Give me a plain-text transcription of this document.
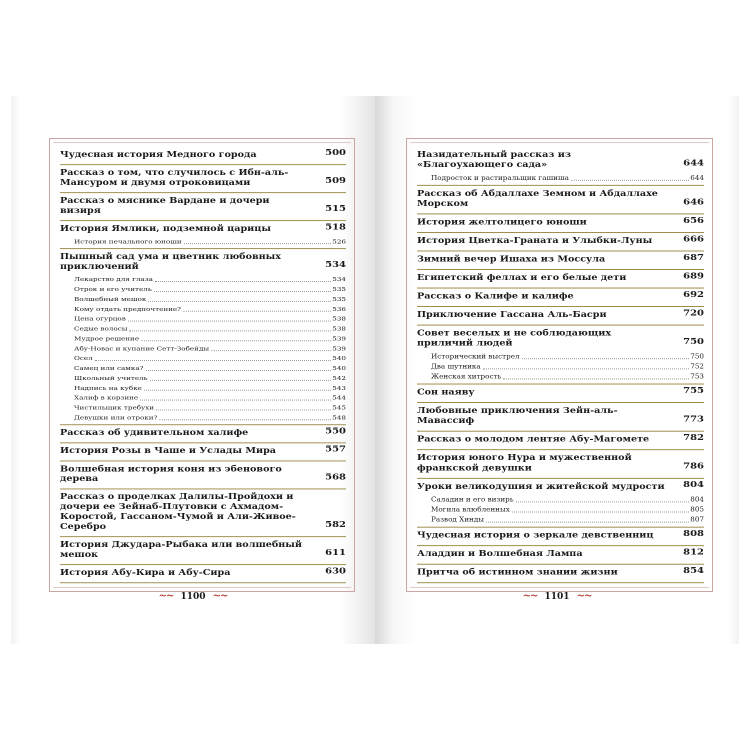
Чудесная история Медного города	500
Рассказ о том, что случилось с Ибн-аль-Мансуром и двумя отроковицами	509
Рассказ о мяснике Вардане и дочери визиря	515
История Ямлики, подземной царицы	518
История печального юноши	526
Пышный сад ума и цветник любовных приключений	534
Лекарство для глаза	534
Отрок и его учитель	535
Волшебный мешок	535
Кому отдать предпочтение?	536
Цена огурцов	538
Седые волосы	538
Мудрое решение	539
Абу-Новас и купание Сетт-Зобейды	539
Осел	540
Самец или самка?	540
Школьный учитель	542
Надпись на кубке	543
Халиф в корзине	544
Чистильщик требухи	545
Девушки или отроки?	548
Рассказ об удивительном халифе	550
История Розы в Чаше и Услады Мира	557
Волшебная история коня из эбенового дерева	568
Рассказ о проделках Далилы-Пройдохи и дочери ее Зейнаб-Плутовки с Ахмадом-Коростой, Гассаном-Чумой и Али-Живое-Серебро	582
История Джудара-Рыбака или волшебный мешок	611
История Абу-Кира и Абу-Сира	630
~~ 1100 ~~
Назидательный рассказ из «Благоухающего сада»	644
Подросток и растиральщик гашиша	644
Рассказ об Абдаллахе Земном и Абдаллахе Морском	646
История желтолицего юноши	656
История Цветка-Граната и Улыбки-Луны	666
Зимний вечер Ишаха из Моссула	687
Египетский феллах и его белые дети	689
Рассказ о Калифе и калифе	692
Приключение Гассана Аль-Басри	720
Совет веселых и не соблюдающих приличий людей	750
Исторический выстрел	750
Два шутника	752
Женская хитрость	753
Сон наяву	755
Любовные приключения Зейн-аль-Мавассиф	773
Рассказ о молодом лентяе Абу-Магомете	782
История юного Нура и мужественной франкской девушки	786
Уроки великодушия и житейской мудрости	804
Саладин и его визирь	804
Могила влюбленных	805
Развод Хинды	807
Чудесная история о зеркале девственниц	808
Аладдин и Волшебная Лампа	812
Притча об истинном знании жизни	854
~~ 1101 ~~
